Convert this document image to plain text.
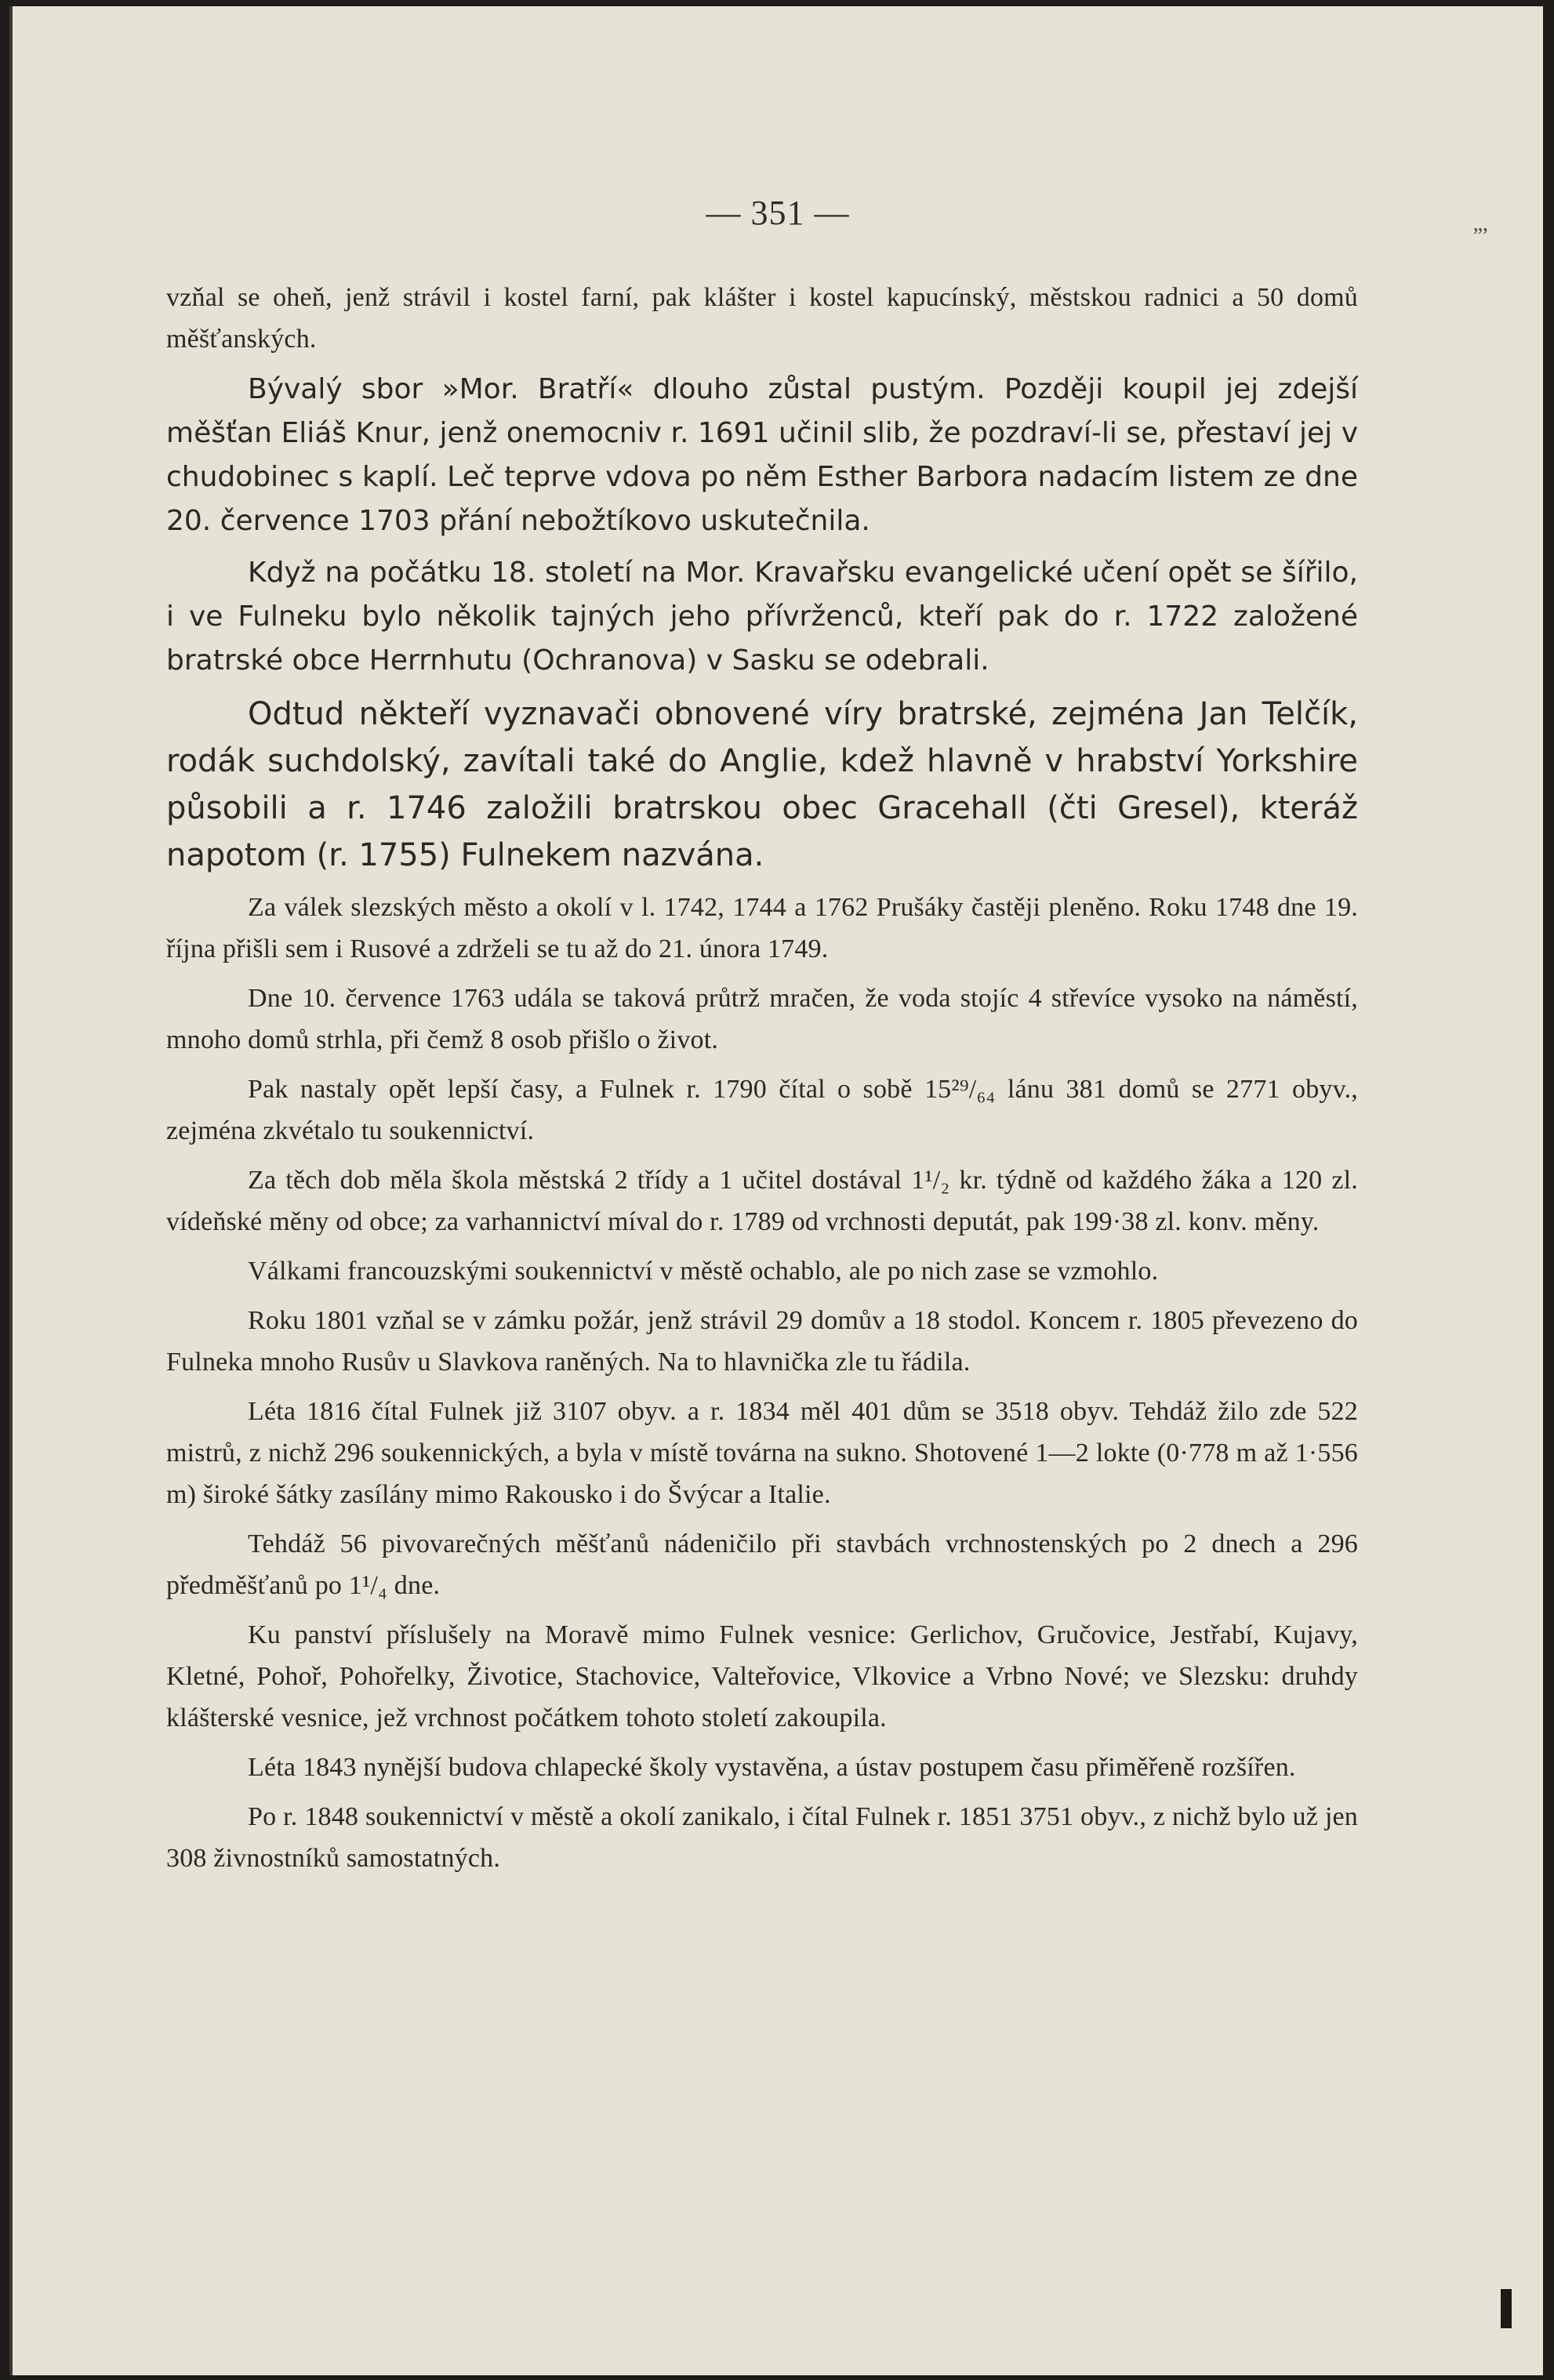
— 351 —	„,

vzňal se oheň, jenž strávil i kostel farní, pak klášter i kostel kapucínský, městskou radnici a 50 domů měšťanských.

Bývalý sbor »Mor. Bratří« dlouho zůstal pustým. Později koupil jej zdejší měšťan Eliáš Knur, jenž onemocniv r. 1691 učinil slib, že pozdraví-li se, přestaví jej v chudobinec s kaplí. Leč teprve vdova po něm Esther Barbora nadacím listem ze dne 20. července 1703 přání nebožtíkovo uskutečnila.

Když na počátku 18. století na Mor. Kravařsku evangelické učení opět se šířilo, i ve Fulneku bylo několik tajných jeho přívrženců, kteří pak do r. 1722 založené bratrské obce Herrnhutu (Ochranova) v Sasku se odebrali.

Odtud někteří vyznavači obnovené víry bratrské, zejména Jan Telčík, rodák suchdolský, zavítali také do Anglie, kdež hlavně v hrabství Yorkshire působili a r. 1746 založili bratrskou obec Gracehall (čti Gresel), kteráž napotom (r. 1755) Fulnekem nazvána.

Za válek slezských město a okolí v l. 1742, 1744 a 1762 Prušáky častěji pleněno. Roku 1748 dne 19. října přišli sem i Rusové a zdrželi se tu až do 21. února 1749.

Dne 10. července 1763 udála se taková průtrž mračen, že voda stojíc 4 střevíce vysoko na náměstí, mnoho domů strhla, při čemž 8 osob přišlo o život.

Pak nastaly opět lepší časy, a Fulnek r. 1790 čítal o sobě 15²⁹/₆₄ lánu 381 domů se 2771 obyv., zejména zkvétalo tu soukennictví.

Za těch dob měla škola městská 2 třídy a 1 učitel dostával 1¹/₂ kr. týdně od každého žáka a 120 zl. vídeňské měny od obce; za varhannictví míval do r. 1789 od vrchnosti deputát, pak 199·38 zl. konv. měny.

Válkami francouzskými soukennictví v městě ochablo, ale po nich zase se vzmohlo.

Roku 1801 vzňal se v zámku požár, jenž strávil 29 domův a 18 stodol. Koncem r. 1805 převezeno do Fulneka mnoho Rusův u Slavkova raněných. Na to hlavnička zle tu řádila.

Léta 1816 čítal Fulnek již 3107 obyv. a r. 1834 měl 401 dům se 3518 obyv. Tehdáž žilo zde 522 mistrů, z nichž 296 soukennických, a byla v místě továrna na sukno. Shotovené 1—2 lokte (0·778 m až 1·556 m) široké šátky zasílány mimo Rakousko i do Švýcar a Italie.

Tehdáž 56 pivovarečných měšťanů nádeničilo při stavbách vrchnostenských po 2 dnech a 296 předměšťanů po 1¹/₄ dne.

Ku panství příslušely na Moravě mimo Fulnek vesnice: Gerlichov, Gručovice, Jestřabí, Kujavy, Kletné, Pohoř, Pohořelky, Životice, Stachovice, Valteřovice, Vlkovice a Vrbno Nové; ve Slezsku: druhdy klášterské vesnice, jež vrchnost počátkem tohoto století zakoupila.

Léta 1843 nynější budova chlapecké školy vystavěna, a ústav postupem času přiměřeně rozšířen.

Po r. 1848 soukennictví v městě a okolí zanikalo, i čítal Fulnek r. 1851 3751 obyv., z nichž bylo už jen 308 živnostníků samostatných.
